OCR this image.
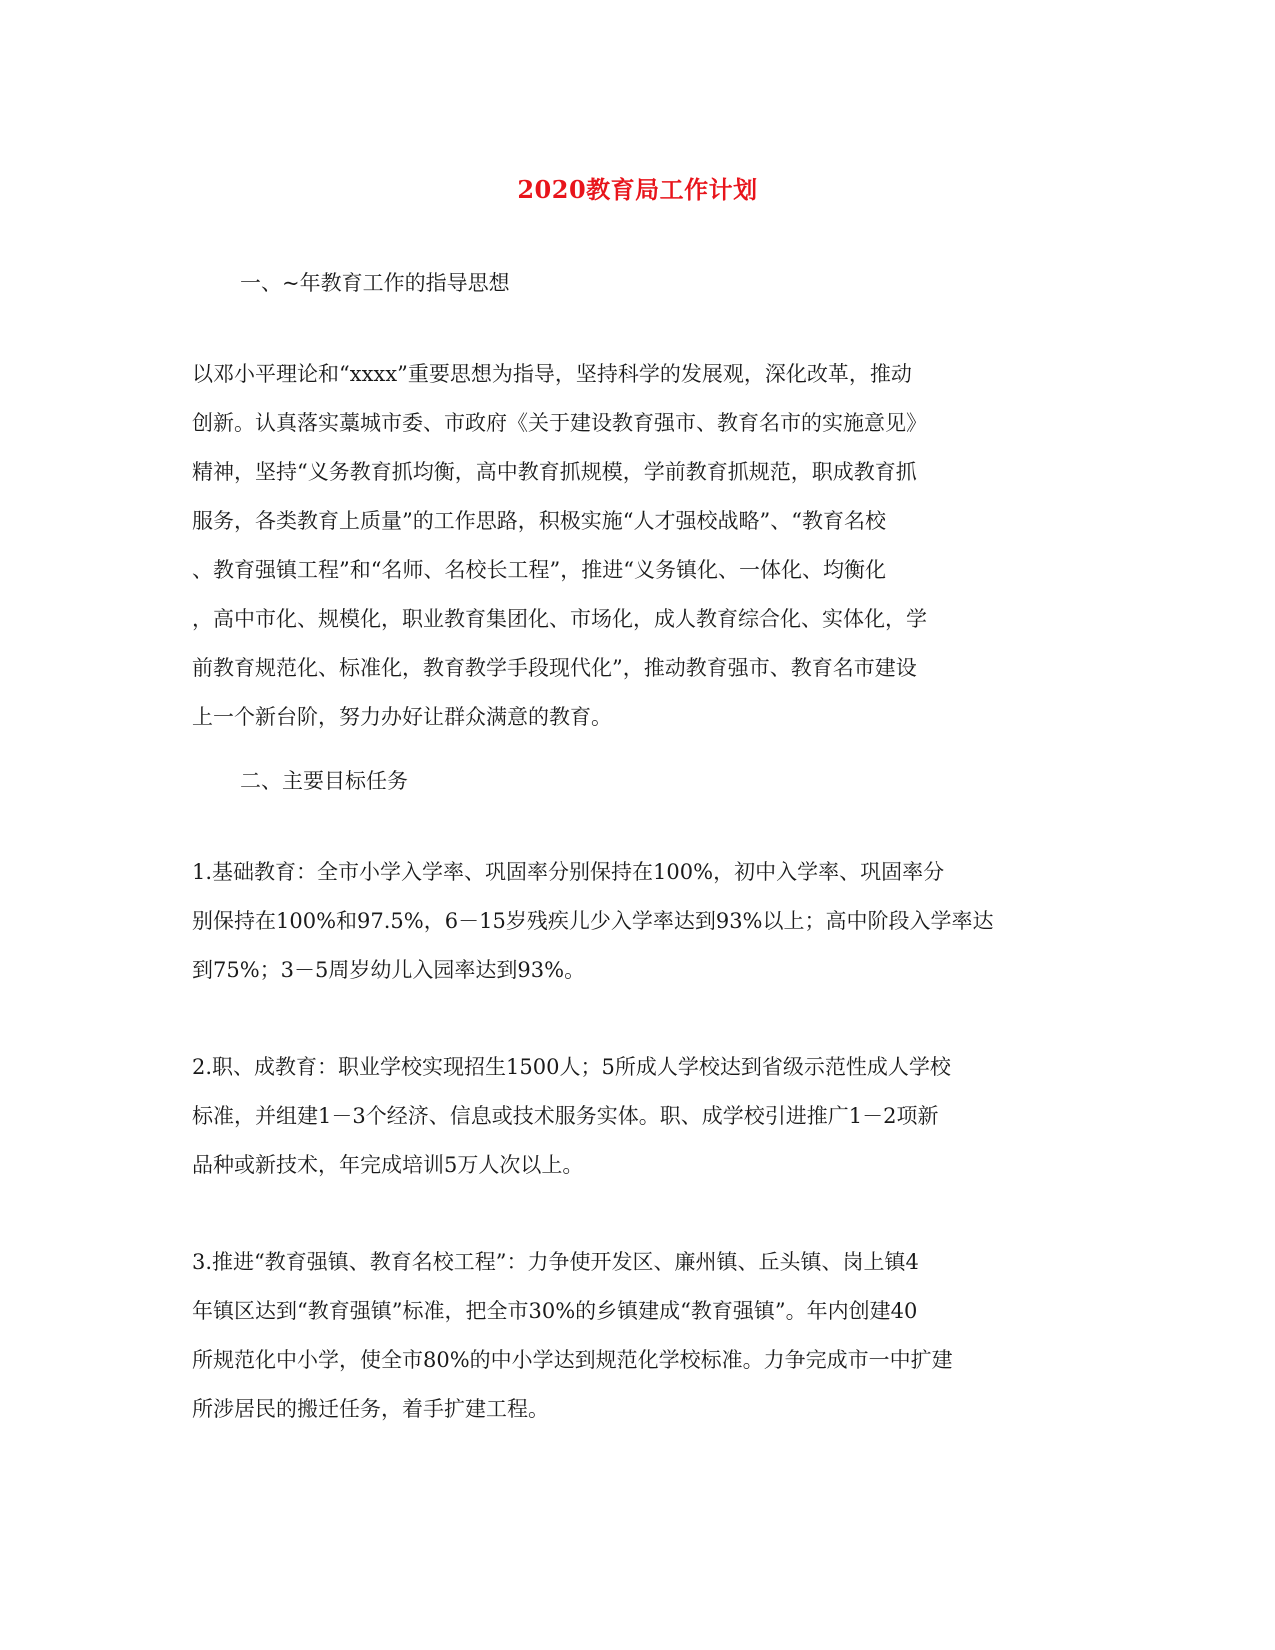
2020教育局工作计划
一、~年教育工作的指导思想
以邓小平理论和“xxxx”重要思想为指导，坚持科学的发展观，深化改革，推动
创新。认真落实藁城市委、市政府《关于建设教育强市、教育名市的实施意见》
精神，坚持“义务教育抓均衡，高中教育抓规模，学前教育抓规范，职成教育抓
服务，各类教育上质量”的工作思路，积极实施“人才强校战略”、“教育名校
、教育强镇工程”和“名师、名校长工程”，推进“义务镇化、一体化、均衡化
，高中市化、规模化，职业教育集团化、市场化，成人教育综合化、实体化，学
前教育规范化、标准化，教育教学手段现代化”，推动教育强市、教育名市建设
上一个新台阶，努力办好让群众满意的教育。
二、主要目标任务
1.基础教育：全市小学入学率、巩固率分别保持在100%，初中入学率、巩固率分
别保持在100%和97.5%，6－15岁残疾儿少入学率达到93%以上；高中阶段入学率达
到75%；3－5周岁幼儿入园率达到93%。
2.职、成教育：职业学校实现招生1500人；5所成人学校达到省级示范性成人学校
标准，并组建1－3个经济、信息或技术服务实体。职、成学校引进推广1－2项新
品种或新技术，年完成培训5万人次以上。
3.推进“教育强镇、教育名校工程”：力争使开发区、廉州镇、丘头镇、岗上镇4
年镇区达到“教育强镇”标准，把全市30%的乡镇建成“教育强镇”。年内创建40
所规范化中小学，使全市80%的中小学达到规范化学校标准。力争完成市一中扩建
所涉居民的搬迁任务，着手扩建工程。
